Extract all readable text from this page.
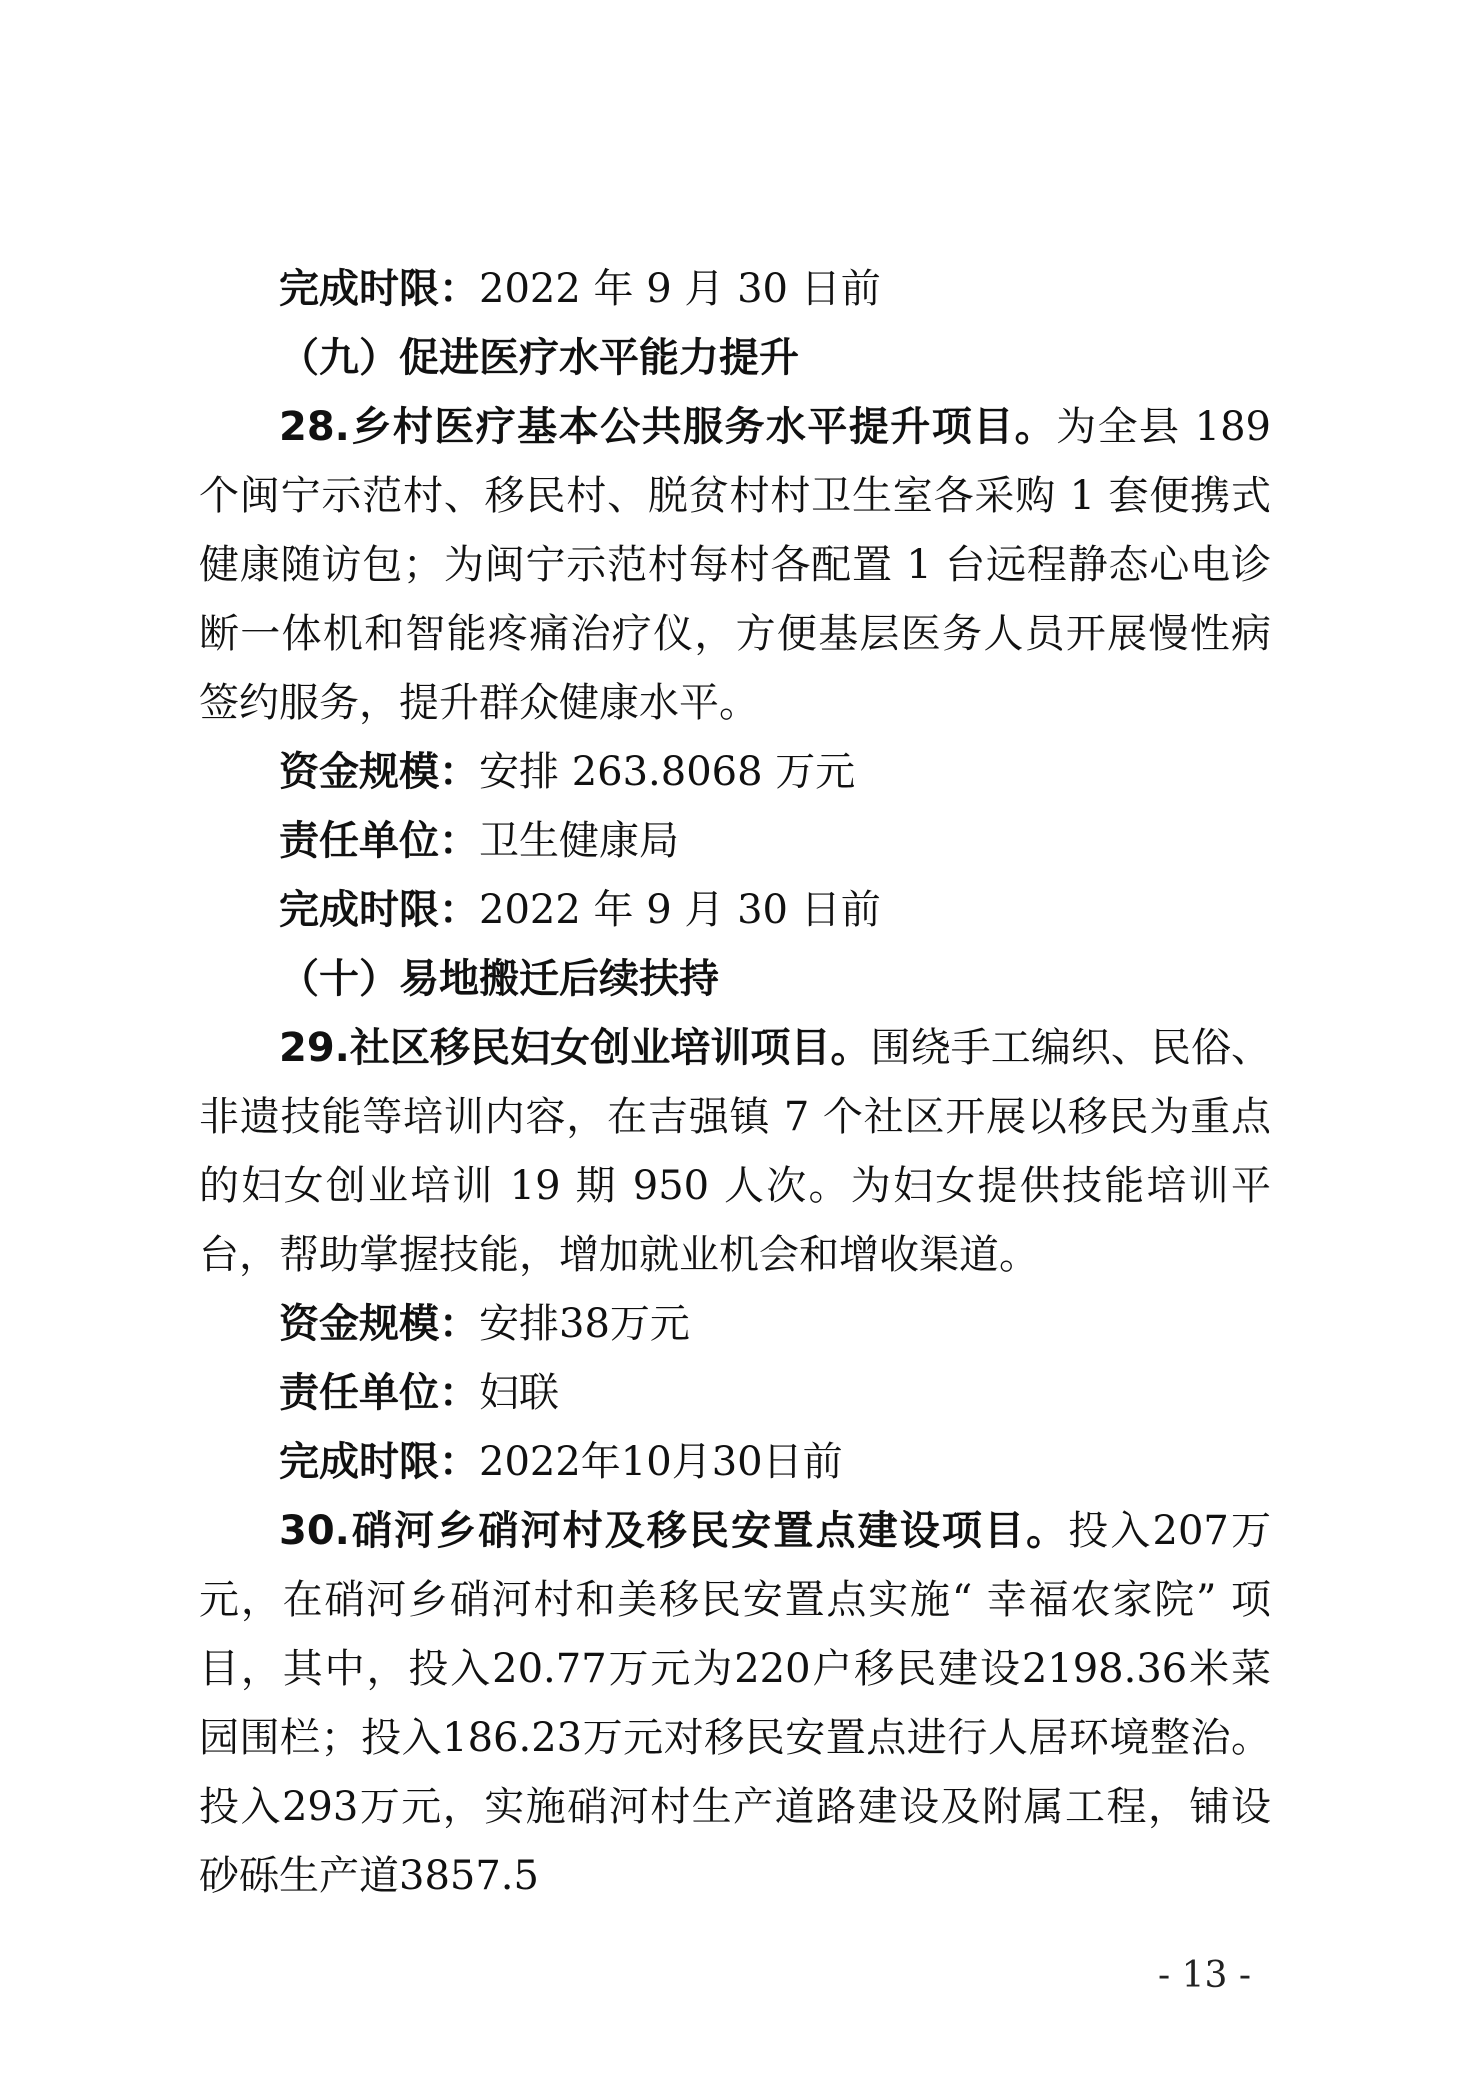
完成时限：2022 年 9 月 30 日前

（九）促进医疗水平能力提升

28.乡村医疗基本公共服务水平提升项目。为全县 189 个闽宁示范村、移民村、脱贫村村卫生室各采购 1 套便携式健康随访包；为闽宁示范村每村各配置 1 台远程静态心电诊断一体机和智能疼痛治疗仪，方便基层医务人员开展慢性病签约服务，提升群众健康水平。

资金规模：安排 263.8068 万元

责任单位：卫生健康局

完成时限：2022 年 9 月 30 日前

（十）易地搬迁后续扶持

29.社区移民妇女创业培训项目。围绕手工编织、民俗、非遗技能等培训内容，在吉强镇 7 个社区开展以移民为重点的妇女创业培训 19 期 950 人次。为妇女提供技能培训平台，帮助掌握技能，增加就业机会和增收渠道。

资金规模：安排38万元

责任单位：妇联

完成时限：2022年10月30日前

30.硝河乡硝河村及移民安置点建设项目。投入207万元，在硝河乡硝河村和美移民安置点实施“ 幸福农家院” 项目，其中，投入20.77万元为220户移民建设2198.36米菜园围栏；投入186.23万元对移民安置点进行人居环境整治。投入293万元，实施硝河村生产道路建设及附属工程，铺设砂砾生产道3857.5

- 13 -
